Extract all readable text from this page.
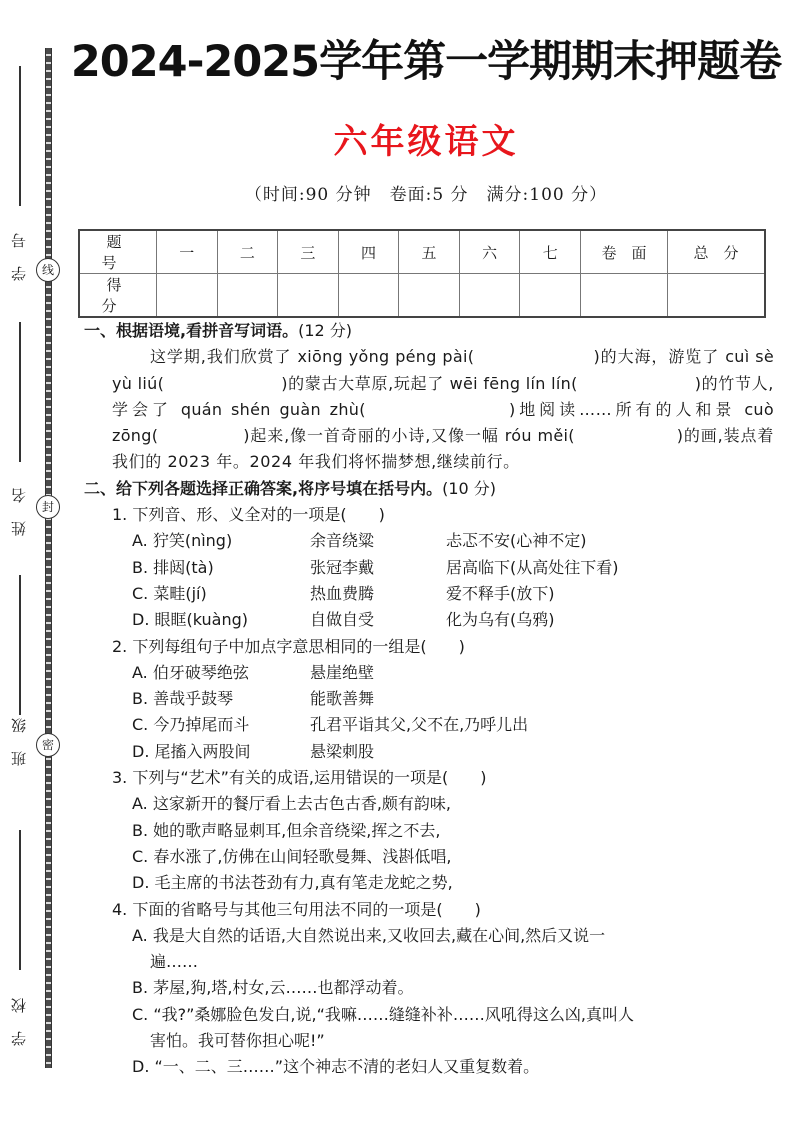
学号
姓名
班级
学校
线
封
密
2024-2025学年第一学期期末押题卷
六年级语文
（时间:90 分钟　卷面:5 分　满分:100 分）
题　号	一	二	三	四	五	六	七	卷　面	总　分
得　分									
一、根据语境,看拼音写词语。(12 分)
这学期,我们欣赏了 xiōng yǒng péng pài(　　　　　　　)的大海，游览了 cuì sè yù liú(　　　　　　　)的蒙古大草原,玩起了 wēi fēng lín lín(　　　　　　　)的竹节人,学会了 quán shén guàn zhù(　　　　　　　)地阅读……所有的人和景 cuò zōng(　　　　　)起来,像一首奇丽的小诗,又像一幅 róu měi(　　　　　　)的画,装点着我们的 2023 年。2024 年我们将怀揣梦想,继续前行。
二、给下列各题选择正确答案,将序号填在括号内。(10 分)
1. 下列音、形、义全对的一项是(　　)
A. 狞笑(nìng)	余音绕粱	忐忑不安(心神不定)
B. 排闼(tà)	张冠李戴	居高临下(从高处往下看)
C. 菜畦(jí)	热血费腾	爱不释手(放下)
D. 眼眶(kuàng)	自做自受	化为乌有(乌鸦)
2. 下列每组句子中加点字意思相同的一组是(　　)
A. 伯牙破琴绝弦	悬崖绝壁
B. 善哉乎鼓琴	能歌善舞
C. 今乃掉尾而斗	孔君平诣其父,父不在,乃呼儿出
D. 尾搐入两股间	悬梁刺股
3. 下列与“艺术”有关的成语,运用错误的一项是(　　)
A. 这家新开的餐厅看上去古色古香,颇有韵味,
B. 她的歌声略显刺耳,但余音绕梁,挥之不去,
C. 春水涨了,仿佛在山间轻歌曼舞、浅斟低唱,
D. 毛主席的书法苍劲有力,真有笔走龙蛇之势,
4. 下面的省略号与其他三句用法不同的一项是(　　)
A. 我是大自然的话语,大自然说出来,又收回去,藏在心间,然后又说一
遍……
B. 茅屋,狗,塔,村女,云……也都浮动着。
C. “我?”桑娜脸色发白,说,“我嘛……缝缝补补……风吼得这么凶,真叫人
害怕。我可替你担心呢!”
D. “一、二、三……”这个神志不清的老妇人又重复数着。
